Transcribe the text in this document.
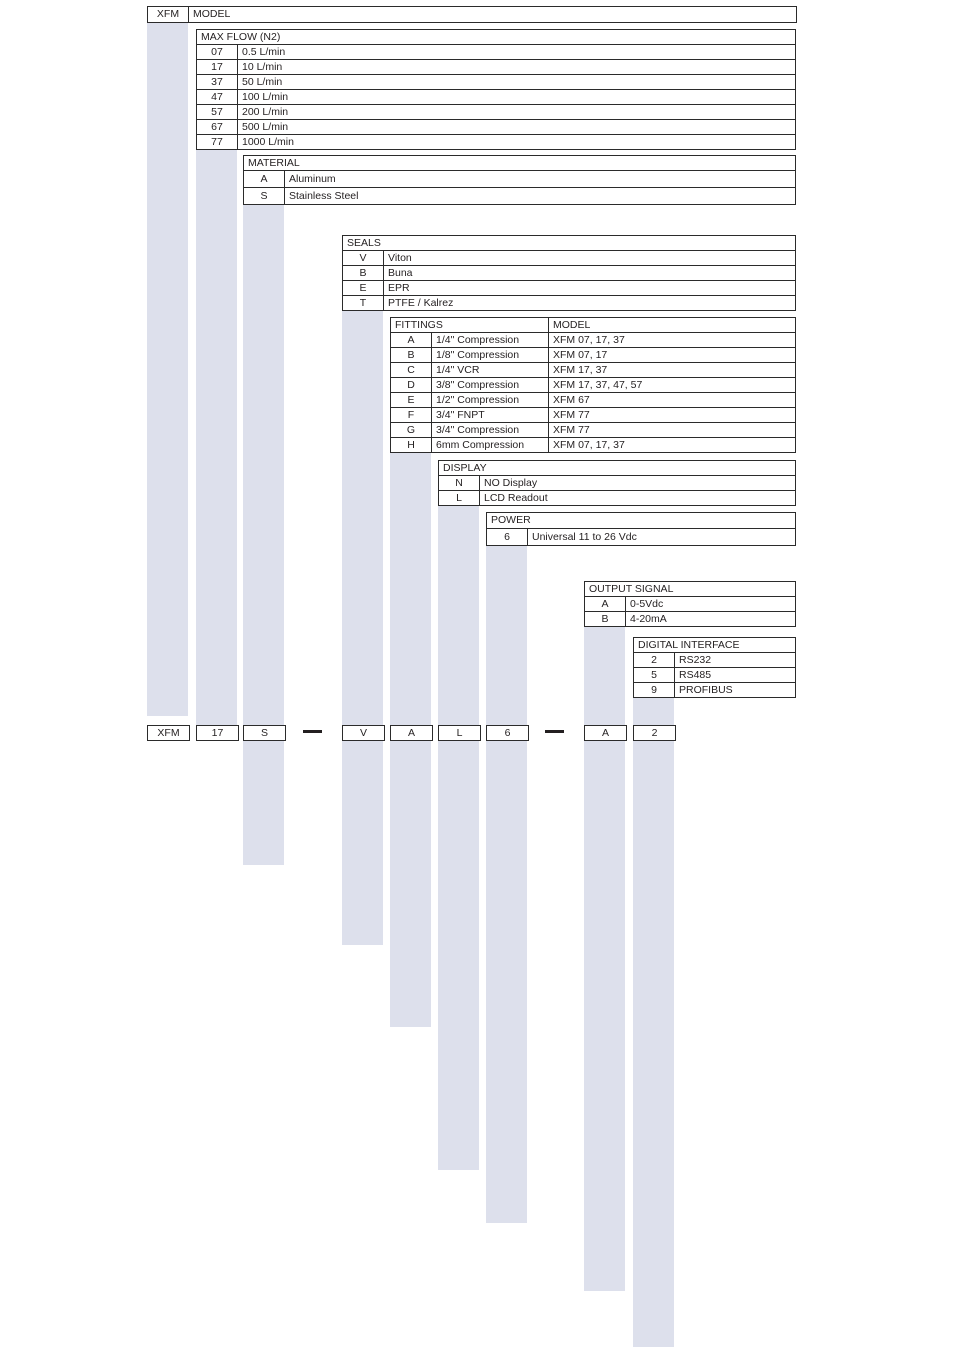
XFM	MODEL
MAX FLOW (N2)	
07	0.5 L/min
17	10 L/min
37	50 L/min
47	100 L/min
57	200 L/min
67	500 L/min
77	1000 L/min
MATERIAL	
A	Aluminum
S	Stainless Steel
SEALS	
V	Viton
B	Buna
E	EPR
T	PTFE / Kalrez
FITTINGS		MODEL
A	1/4" Compression	XFM 07, 17, 37
B	1/8" Compression	XFM 07, 17
C	1/4" VCR	XFM 17, 37
D	3/8" Compression	XFM 17, 37, 47, 57
E	1/2" Compression	XFM 67
F	3/4" FNPT	XFM 77
G	3/4" Compression	XFM 77
H	6mm Compression	XFM 07, 17, 37
DISPLAY	
N	NO Display
L	LCD Readout
POWER
6	Universal 11 to 26 Vdc
OUTPUT SIGNAL	
A	0-5Vdc
B	4-20mA
DIGITAL INTERFACE	
2	RS232
5	RS485
9	PROFIBUS
XFM	17	S	V	A	L	6	A	2
